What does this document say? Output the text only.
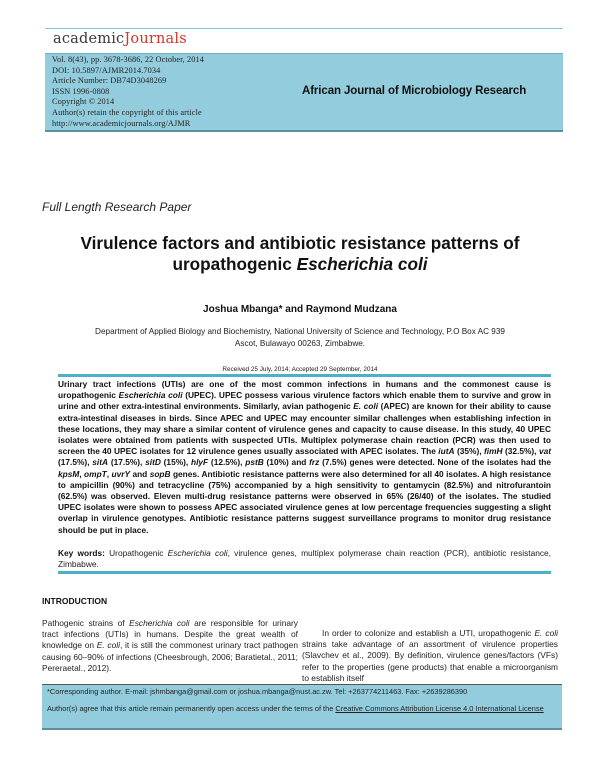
academicJournals
Vol. 8(43), pp. 3678-3686, 22 October, 2014
DOI: 10.5897/AJMR2014.7034
Article Number: DB74D3048269
ISSN 1996-0808
Copyright © 2014
Author(s) retain the copyright of this article
http://www.academicjournals.org/AJMR
African Journal of Microbiology Research
Full Length Research Paper
Virulence factors and antibiotic resistance patterns of
uropathogenic Escherichia coli
Joshua Mbanga* and Raymond Mudzana
Department of Applied Biology and Biochemistry, National University of Science and Technology, P.O Box AC 939
Ascot, Bulawayo 00263, Zimbabwe.
Received 25 July, 2014; Accepted 29 September, 2014
Urinary tract infections (UTIs) are one of the most common infections in humans and the commonest cause is uropathogenic Escherichia coli (UPEC). UPEC possess various virulence factors which enable them to survive and grow in urine and other extra-intestinal environments. Similarly, avian pathogenic E. coli (APEC) are known for their ability to cause extra-intestinal diseases in birds. Since APEC and UPEC may encounter similar challenges when establishing infection in these locations, they may share a similar content of virulence genes and capacity to cause disease. In this study, 40 UPEC isolates were obtained from patients with suspected UTIs. Multiplex polymerase chain reaction (PCR) was then used to screen the 40 UPEC isolates for 12 virulence genes usually associated with APEC isolates. The iutA (35%), fimH (32.5%), vat (17.5%), sitA (17.5%), sitD (15%), hlyF (12.5%), pstB (10%) and frz (7.5%) genes were detected. None of the isolates had the kpsM, ompT, uvrY and sopB genes. Antibiotic resistance patterns were also determined for all 40 isolates. A high resistance to ampicillin (90%) and tetracycline (75%) accompanied by a high sensitivity to gentamycin (82.5%) and nitrofurantoin (62.5%) was observed. Eleven multi-drug resistance patterns were observed in 65% (26/40) of the isolates. The studied UPEC isolates were shown to possess APEC associated virulence genes at low percentage frequencies suggesting a slight overlap in virulence genotypes. Antibiotic resistance patterns suggest surveillance programs to monitor drug resistance should be put in place.
Key words: Uropathogenic Escherichia coli, virulence genes, multiplex polymerase chain reaction (PCR), antibiotic resistance, Zimbabwe.
INTRODUCTION
Pathogenic strains of Escherichia coli are responsible for urinary tract infections (UTIs) in humans. Despite the great wealth of knowledge on E. coli, it is still the commonest urinary tract pathogen causing 60–90% of infections (Cheesbrough, 2006; Baratietal., 2011; Pereraetal., 2012).
In order to colonize and establish a UTI, uropathogenic E. coli strains take advantage of an assortment of virulence properties (Slavchev et al., 2009). By definition, virulence genes/factors (VFs) refer to the properties (gene products) that enable a microorganism to establish itself
*Corresponding author. E-mail: jshmbanga@gmail.com or joshua.mbanga@nust.ac.zw. Tel: +263774211463. Fax: +2639286390
Author(s) agree that this article remain permanently open access under the terms of the Creative Commons Attribution License 4.0 International License
